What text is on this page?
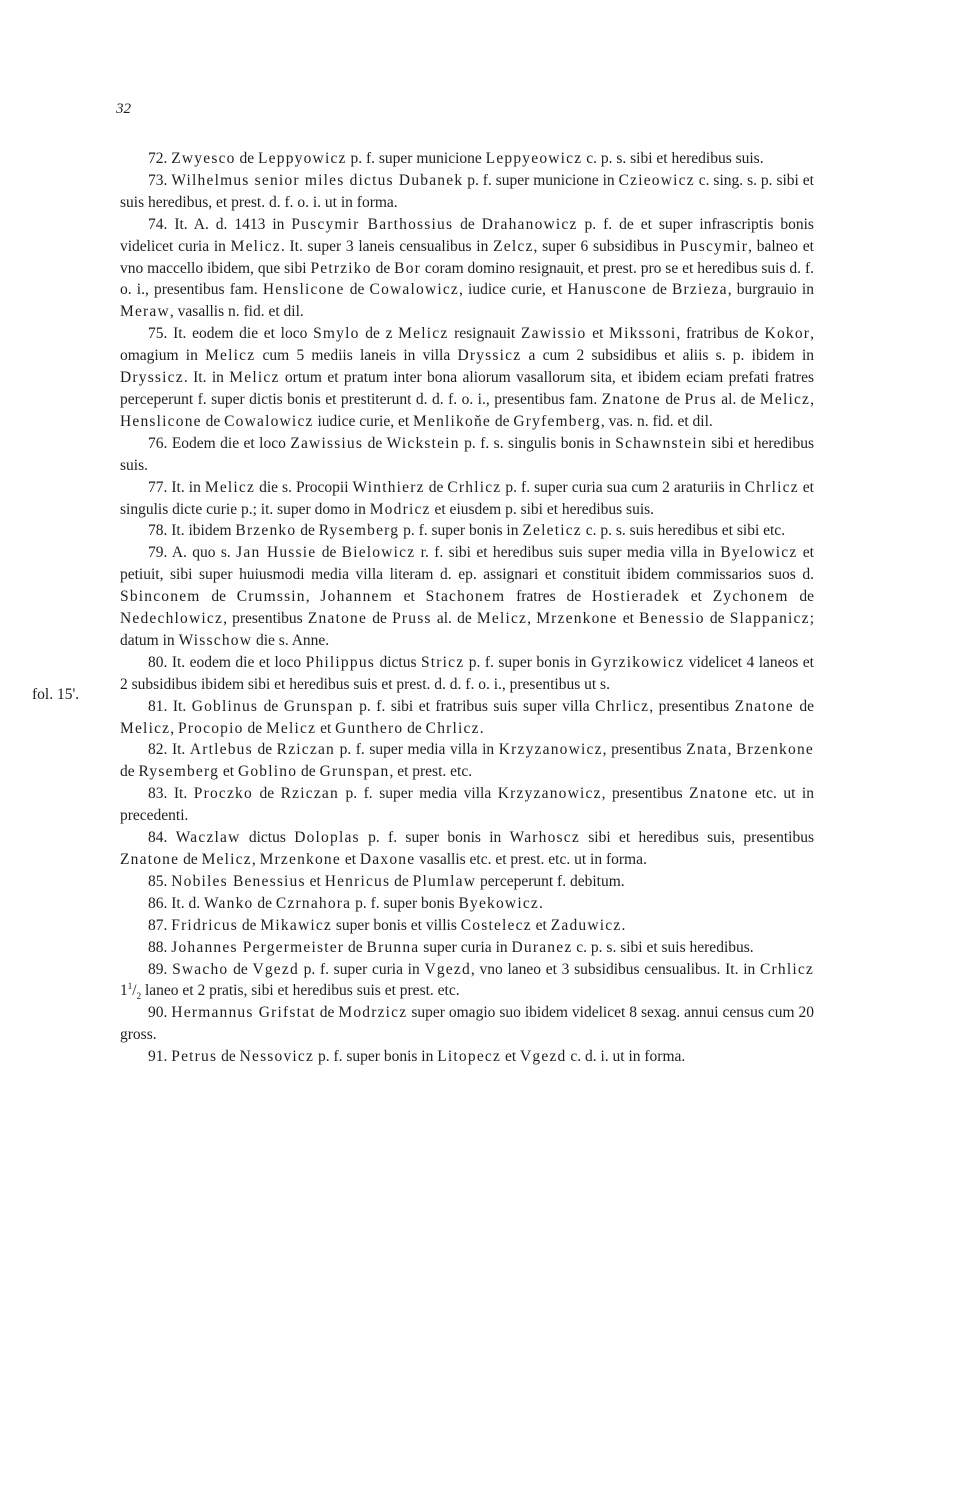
32
fol. 15'.

72. Zwyesco de Leppyowicz p. f. super municione Leppyeowicz c. p. s. sibi et heredibus suis.

73. Wilhelmus senior miles dictus Dubanek p. f. super municione in Czieowicz c. sing. s. p. sibi et suis heredibus, et prest. d. f. o. i. ut in forma.

74. It. A. d. 1413 in Puscymir Barthossius de Drahanowicz p. f. de et super infrascriptis bonis videlicet curia in Melicz. It. super 3 laneis censualibus in Zelcz, super 6 subsidibus in Puscymir, balneo et vno maccello ibidem, que sibi Petrziko de Bor coram domino resignauit, et prest. pro se et heredibus suis d. f. o. i., presentibus fam. Henslicone de Cowalowicz, iudice curie, et Hanuscone de Brzieza, burgrauio in Meraw, vasallis n. fid. et dil.

75. It. eodem die et loco Smylo de z Melicz resignauit Zawissio et Mikssoni, fratribus de Kokor, omagium in Melicz cum 5 mediis laneis in villa Dryssicz a cum 2 subsidibus et aliis s. p. ibidem in Dryssicz. It. in Melicz ortum et pratum inter bona aliorum vasallorum sita, et ibidem eciam prefati fratres perceperunt f. super dictis bonis et prestiterunt d. d. f. o. i., presentibus fam. Znatone de Prus al. de Melicz, Henslicone de Cowalowicz iudice curie, et Menlikoňe de Gryfemberg, vas. n. fid. et dil.

76. Eodem die et loco Zawissius de Wickstein p. f. s. singulis bonis in Schawnstein sibi et heredibus suis.

77. It. in Melicz die s. Procopii Winthierz de Crhlicz p. f. super curia sua cum 2 araturiis in Chrlicz et singulis dicte curie p.; it. super domo in Modricz et eiusdem p. sibi et heredibus suis.

78. It. ibidem Brzenko de Rysemberg p. f. super bonis in Zeleticz c. p. s. suis heredibus et sibi etc.

79. A. quo s. Jan Hussie de Bielowicz r. f. sibi et heredibus suis super media villa in Byelowicz et petiuit, sibi super huiusmodi media villa literam d. ep. assignari et constituit ibidem commissarios suos d. Sbinconem de Crumssin, Johannem et Stachonem fratres de Hostieradek et Zychonem de Nedechlowicz, presentibus Znatone de Pruss al. de Melicz, Mrzenkone et Benessio de Slappanicz; datum in Wisschow die s. Anne.

80. It. eodem die et loco Philippus dictus Stricz p. f. super bonis in Gyrzikowicz videlicet 4 laneos et 2 subsidibus ibidem sibi et heredibus suis et prest. d. d. f. o. i., presentibus ut s.

81. It. Goblinus de Grunspan p. f. sibi et fratribus suis super villa Chrlicz, presentibus Znatone de Melicz, Procopio de Melicz et Gunthero de Chrlicz.

82. It. Artlebus de Rziczan p. f. super media villa in Krzyzanowicz, presentibus Znata, Brzenkone de Rysemberg et Goblino de Grunspan, et prest. etc.

83. It. Proczko de Rziczan p. f. super media villa Krzyzanowicz, presentibus Znatone etc. ut in precedenti.

84. Waczlaw dictus Doloplas p. f. super bonis in Warhoscz sibi et heredibus suis, presentibus Znatone de Melicz, Mrzenkone et Daxone vasallis etc. et prest. etc. ut in forma.

85. Nobiles Benessius et Henricus de Plumlaw perceperunt f. debitum.

86. It. d. Wanko de Czrnahora p. f. super bonis Byekowicz.

87. Fridricus de Mikawicz super bonis et villis Costelecz et Zaduwicz.

88. Johannes Pergermeister de Brunna super curia in Duranez c. p. s. sibi et suis heredibus.

89. Swacho de Vgezd p. f. super curia in Vgezd, vno laneo et 3 subsidibus censualibus. It. in Crhlicz $1^1/_2$ laneo et 2 pratis, sibi et heredibus suis et prest. etc.

90. Hermannus Grifstat de Modrzicz super omagio suo ibidem videlicet 8 sexag. annui census cum 20 gross.

91. Petrus de Nessovicz p. f. super bonis in Litopecz et Vgezd c. d. i. ut in forma.
